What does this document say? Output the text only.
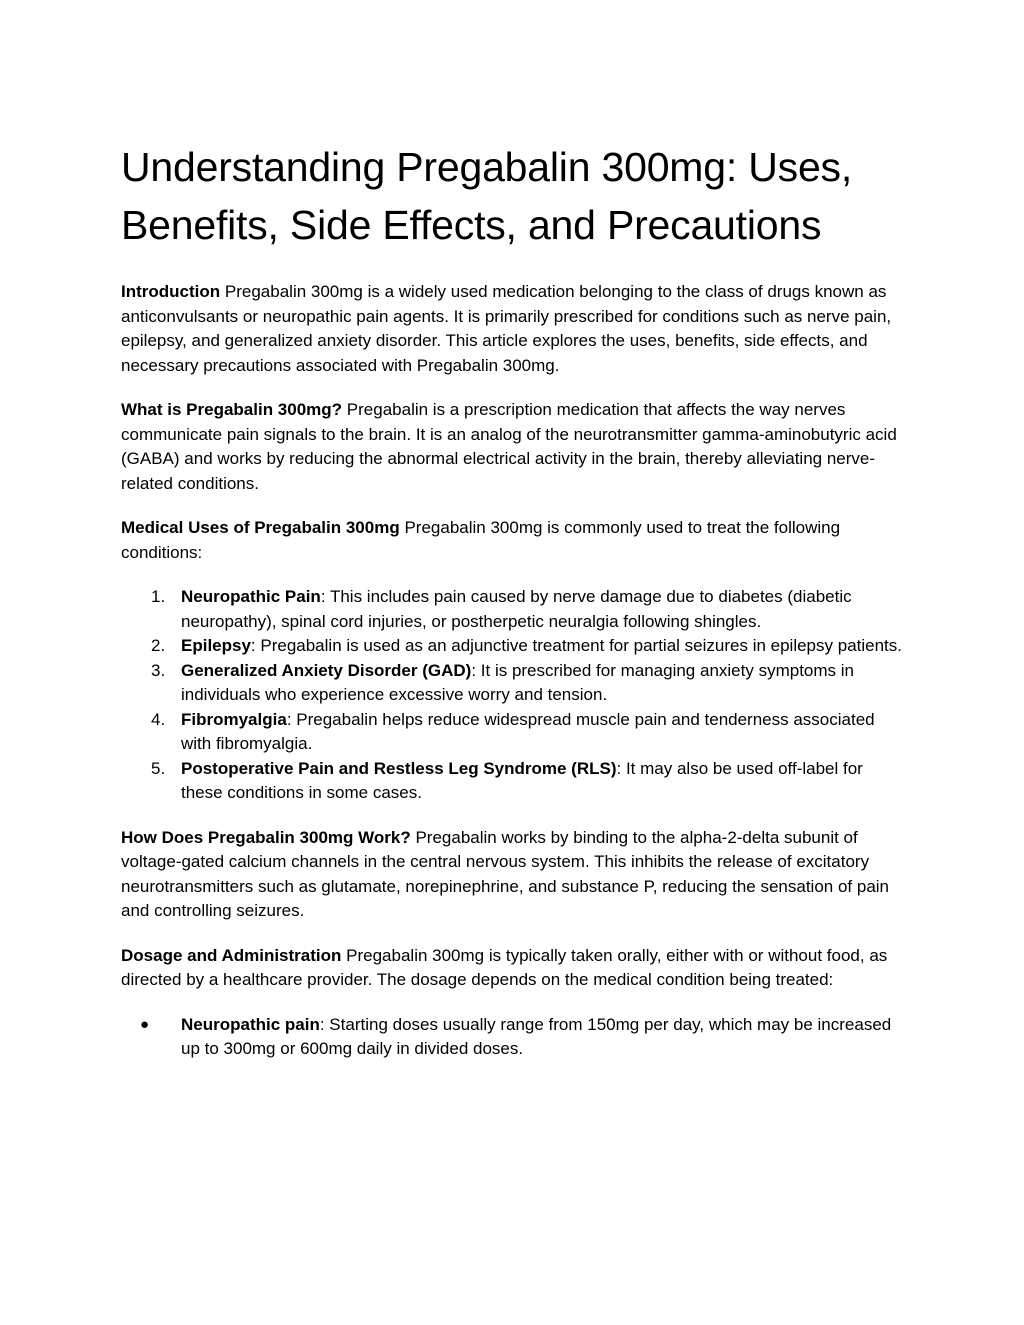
Understanding Pregabalin 300mg: Uses, Benefits, Side Effects, and Precautions

Introduction Pregabalin 300mg is a widely used medication belonging to the class of drugs known as anticonvulsants or neuropathic pain agents. It is primarily prescribed for conditions such as nerve pain, epilepsy, and generalized anxiety disorder. This article explores the uses, benefits, side effects, and necessary precautions associated with Pregabalin 300mg.

What is Pregabalin 300mg? Pregabalin is a prescription medication that affects the way nerves communicate pain signals to the brain. It is an analog of the neurotransmitter gamma-aminobutyric acid (GABA) and works by reducing the abnormal electrical activity in the brain, thereby alleviating nerve-related conditions.

Medical Uses of Pregabalin 300mg Pregabalin 300mg is commonly used to treat the following conditions:

1. Neuropathic Pain: This includes pain caused by nerve damage due to diabetes (diabetic neuropathy), spinal cord injuries, or postherpetic neuralgia following shingles.
2. Epilepsy: Pregabalin is used as an adjunctive treatment for partial seizures in epilepsy patients.
3. Generalized Anxiety Disorder (GAD): It is prescribed for managing anxiety symptoms in individuals who experience excessive worry and tension.
4. Fibromyalgia: Pregabalin helps reduce widespread muscle pain and tenderness associated with fibromyalgia.
5. Postoperative Pain and Restless Leg Syndrome (RLS): It may also be used off-label for these conditions in some cases.

How Does Pregabalin 300mg Work? Pregabalin works by binding to the alpha-2-delta subunit of voltage-gated calcium channels in the central nervous system. This inhibits the release of excitatory neurotransmitters such as glutamate, norepinephrine, and substance P, reducing the sensation of pain and controlling seizures.

Dosage and Administration Pregabalin 300mg is typically taken orally, either with or without food, as directed by a healthcare provider. The dosage depends on the medical condition being treated:

● Neuropathic pain: Starting doses usually range from 150mg per day, which may be increased up to 300mg or 600mg daily in divided doses.
